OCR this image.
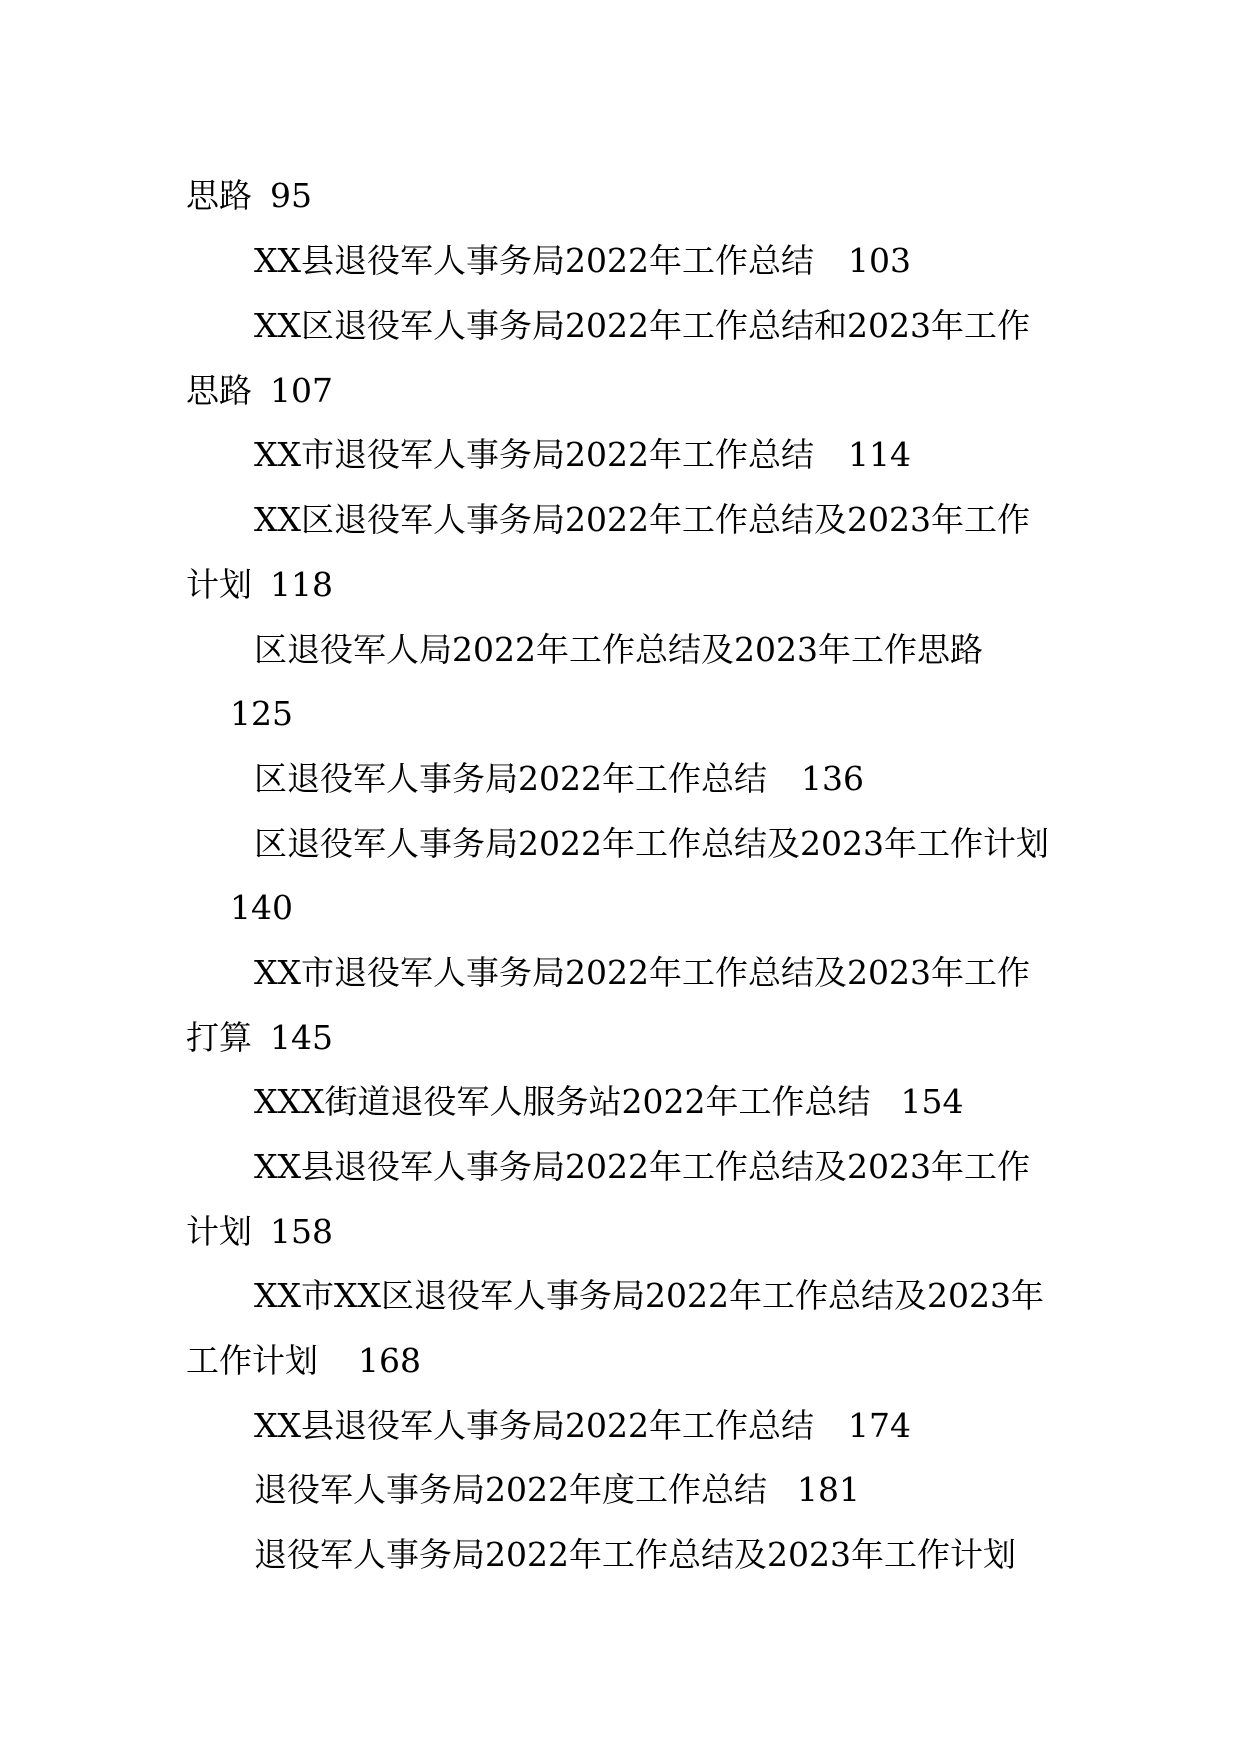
思路 95
XX县退役军人事务局2022年工作总结 103
XX区退役军人事务局2022年工作总结和2023年工作
思路 107
XX市退役军人事务局2022年工作总结 114
XX区退役军人事务局2022年工作总结及2023年工作
计划 118
区退役军人局2022年工作总结及2023年工作思路
125
区退役军人事务局2022年工作总结 136
区退役军人事务局2022年工作总结及2023年工作计划
140
XX市退役军人事务局2022年工作总结及2023年工作
打算 145
XXX街道退役军人服务站2022年工作总结 154
XX县退役军人事务局2022年工作总结及2023年工作
计划 158
XX市XX区退役军人事务局2022年工作总结及2023年
工作计划 168
XX县退役军人事务局2022年工作总结 174
退役军人事务局2022年度工作总结 181
退役军人事务局2022年工作总结及2023年工作计划
